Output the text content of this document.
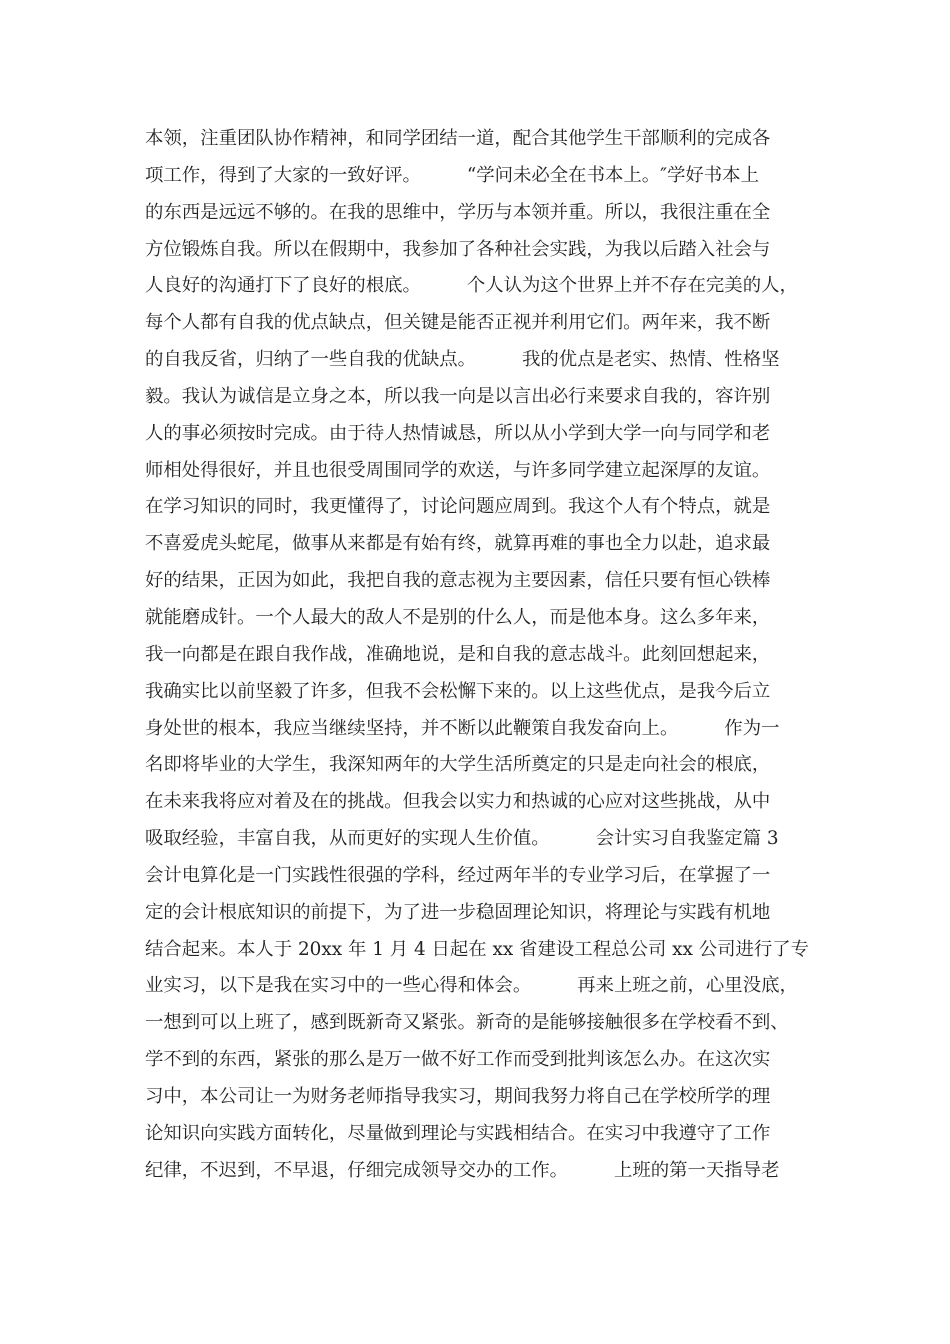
本领，注重团队协作精神，和同学团结一道，配合其他学生干部顺利的完成各
项工作，得到了大家的一致好评。　　　“学问未必全在书本上。″学好书本上
的东西是远远不够的。在我的思维中，学历与本领并重。所以，我很注重在全
方位锻炼自我。所以在假期中，我参加了各种社会实践，为我以后踏入社会与
人良好的沟通打下了良好的根底。　　　个人认为这个世界上并不存在完美的人，
每个人都有自我的优点缺点，但关键是能否正视并利用它们。两年来，我不断
的自我反省，归纳了一些自我的优缺点。　　　我的优点是老实、热情、性格坚
毅。我认为诚信是立身之本，所以我一向是以言出必行来要求自我的，容许别
人的事必须按时完成。由于待人热情诚恳，所以从小学到大学一向与同学和老
师相处得很好，并且也很受周围同学的欢送，与许多同学建立起深厚的友谊。
在学习知识的同时，我更懂得了，讨论问题应周到。我这个人有个特点，就是
不喜爱虎头蛇尾，做事从来都是有始有终，就算再难的事也全力以赴，追求最
好的结果，正因为如此，我把自我的意志视为主要因素，信任只要有恒心铁棒
就能磨成针。一个人最大的敌人不是别的什么人，而是他本身。这么多年来，
我一向都是在跟自我作战，准确地说，是和自我的意志战斗。此刻回想起来，
我确实比以前坚毅了许多，但我不会松懈下来的。以上这些优点，是我今后立
身处世的根本，我应当继续坚持，并不断以此鞭策自我发奋向上。　　　作为一
名即将毕业的大学生，我深知两年的大学生活所奠定的只是走向社会的根底，
在未来我将应对着及在的挑战。但我会以实力和热诚的心应对这些挑战，从中
吸取经验，丰富自我，从而更好的实现人生价值。　　　会计实习自我鉴定篇 3
会计电算化是一门实践性很强的学科，经过两年半的专业学习后，在掌握了一
定的会计根底知识的前提下，为了进一步稳固理论知识，将理论与实践有机地
结合起来。本人于 20xx 年 1 月 4 日起在 xx 省建设工程总公司 xx 公司进行了专
业实习，以下是我在实习中的一些心得和体会。　　　再来上班之前，心里没底，
一想到可以上班了，感到既新奇又紧张。新奇的是能够接触很多在学校看不到、
学不到的东西，紧张的那么是万一做不好工作而受到批判该怎么办。在这次实
习中，本公司让一为财务老师指导我实习，期间我努力将自己在学校所学的理
论知识向实践方面转化，尽量做到理论与实践相结合。在实习中我遵守了工作
纪律，不迟到，不早退，仔细完成领导交办的工作。　　　上班的第一天指导老
